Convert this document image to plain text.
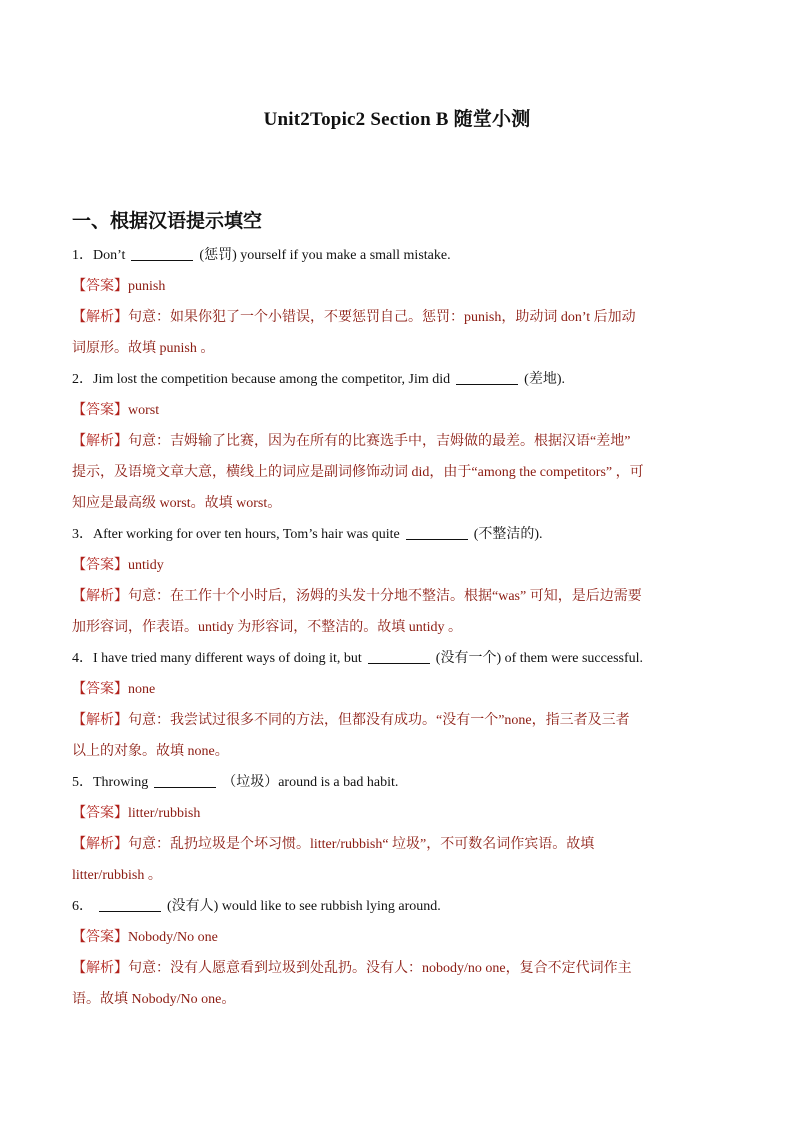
Unit2Topic2 Section B 随堂小测
一、根据汉语提示填空
1．Don’t	(惩罚) yourself if you make a small mistake.
【答案】punish
【解析】句意：如果你犯了一个小错误，不要惩罚自己。惩罚：punish，助动词 don’t 后加动
词原形。故填 punish 。
2．Jim lost the competition because among the competitor, Jim did	(差地).
【答案】worst
【解析】句意：吉姆输了比赛，因为在所有的比赛选手中，吉姆做的最差。根据汉语“差地”
提示，及语境文章大意，横线上的词应是副词修饰动词 did，由于“among the competitors” ，可
知应是最高级 worst。故填 worst。
3．After working for over ten hours, Tom’s hair was quite	(不整洁的).
【答案】untidy
【解析】句意：在工作十个小时后，汤姆的头发十分地不整洁。根据“was” 可知，是后边需要
加形容词，作表语。untidy 为形容词，不整洁的。故填 untidy 。
4．I have tried many different ways of doing it, but	(没有一个) of them were successful.
【答案】none
【解析】句意：我尝试过很多不同的方法，但都没有成功。“没有一个”none，指三者及三者
以上的对象。故填 none。
5．Throwing	（垃圾）around is a bad habit.
【答案】litter/rubbish
【解析】句意：乱扔垃圾是个坏习惯。litter/rubbish“ 垃圾”，不可数名词作宾语。故填
litter/rubbish 。
6．	(没有人) would like to see rubbish lying around.
【答案】Nobody/No one
【解析】句意：没有人愿意看到垃圾到处乱扔。没有人：nobody/no one，复合不定代词作主
语。故填 Nobody/No one。
